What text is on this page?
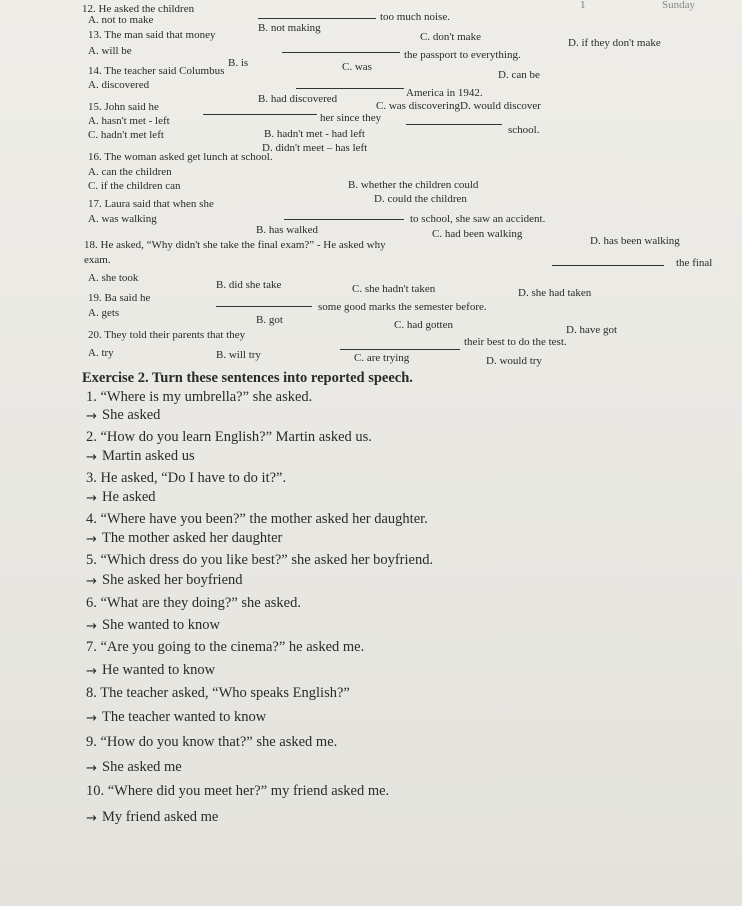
1	Sunday
12. He asked the children
too much noise.
A. not to make
B. not making
C. don't make	D. if they don't make
13. The man said that money
the passport to everything.
A. will be
B. is	C. was
D. can be
14. The teacher said Columbus
America in 1942.
A. discovered
B. had discovered
C. was discoveringD. would discover
15. John said he
her since they
school.
A. hasn't met - left
B. hadn't met - had left
C. hadn't met left
D. didn't meet – has left
16. The woman asked get lunch at school.
A. can the children
B. whether the children could
C. if the children can
D. could the children
17. Laura said that when she
to school, she saw an accident.
A. was walking
B. has walked	C. had been walking
D. has been walking
18. He asked, “Why didn't she take the final exam?” - He asked why
the final
exam.
A. she took
B. did she take	C. she hadn't taken	D. she had taken
19. Ba said he
some good marks the semester before.
A. gets
B. got	C. had gotten	D. have got
20. They told their parents that they
their best to do the test.
A. try	B. will try	C. are trying	D. would try
Exercise 2. Turn these sentences into reported speech.
1. “Where is my umbrella?” she asked.
→ She asked
2. “How do you learn English?” Martin asked us.
→ Martin asked us
3. He asked, “Do I have to do it?”.
→ He asked
4. “Where have you been?” the mother asked her daughter.
→ The mother asked her daughter
5. “Which dress do you like best?” she asked her boyfriend.
→ She asked her boyfriend
6. “What are they doing?” she asked.
→ She wanted to know
7. “Are you going to the cinema?” he asked me.
→ He wanted to know
8. The teacher asked, “Who speaks English?”
→ The teacher wanted to know
9. “How do you know that?” she asked me.
→ She asked me
10. “Where did you meet her?” my friend asked me.
→ My friend asked me
